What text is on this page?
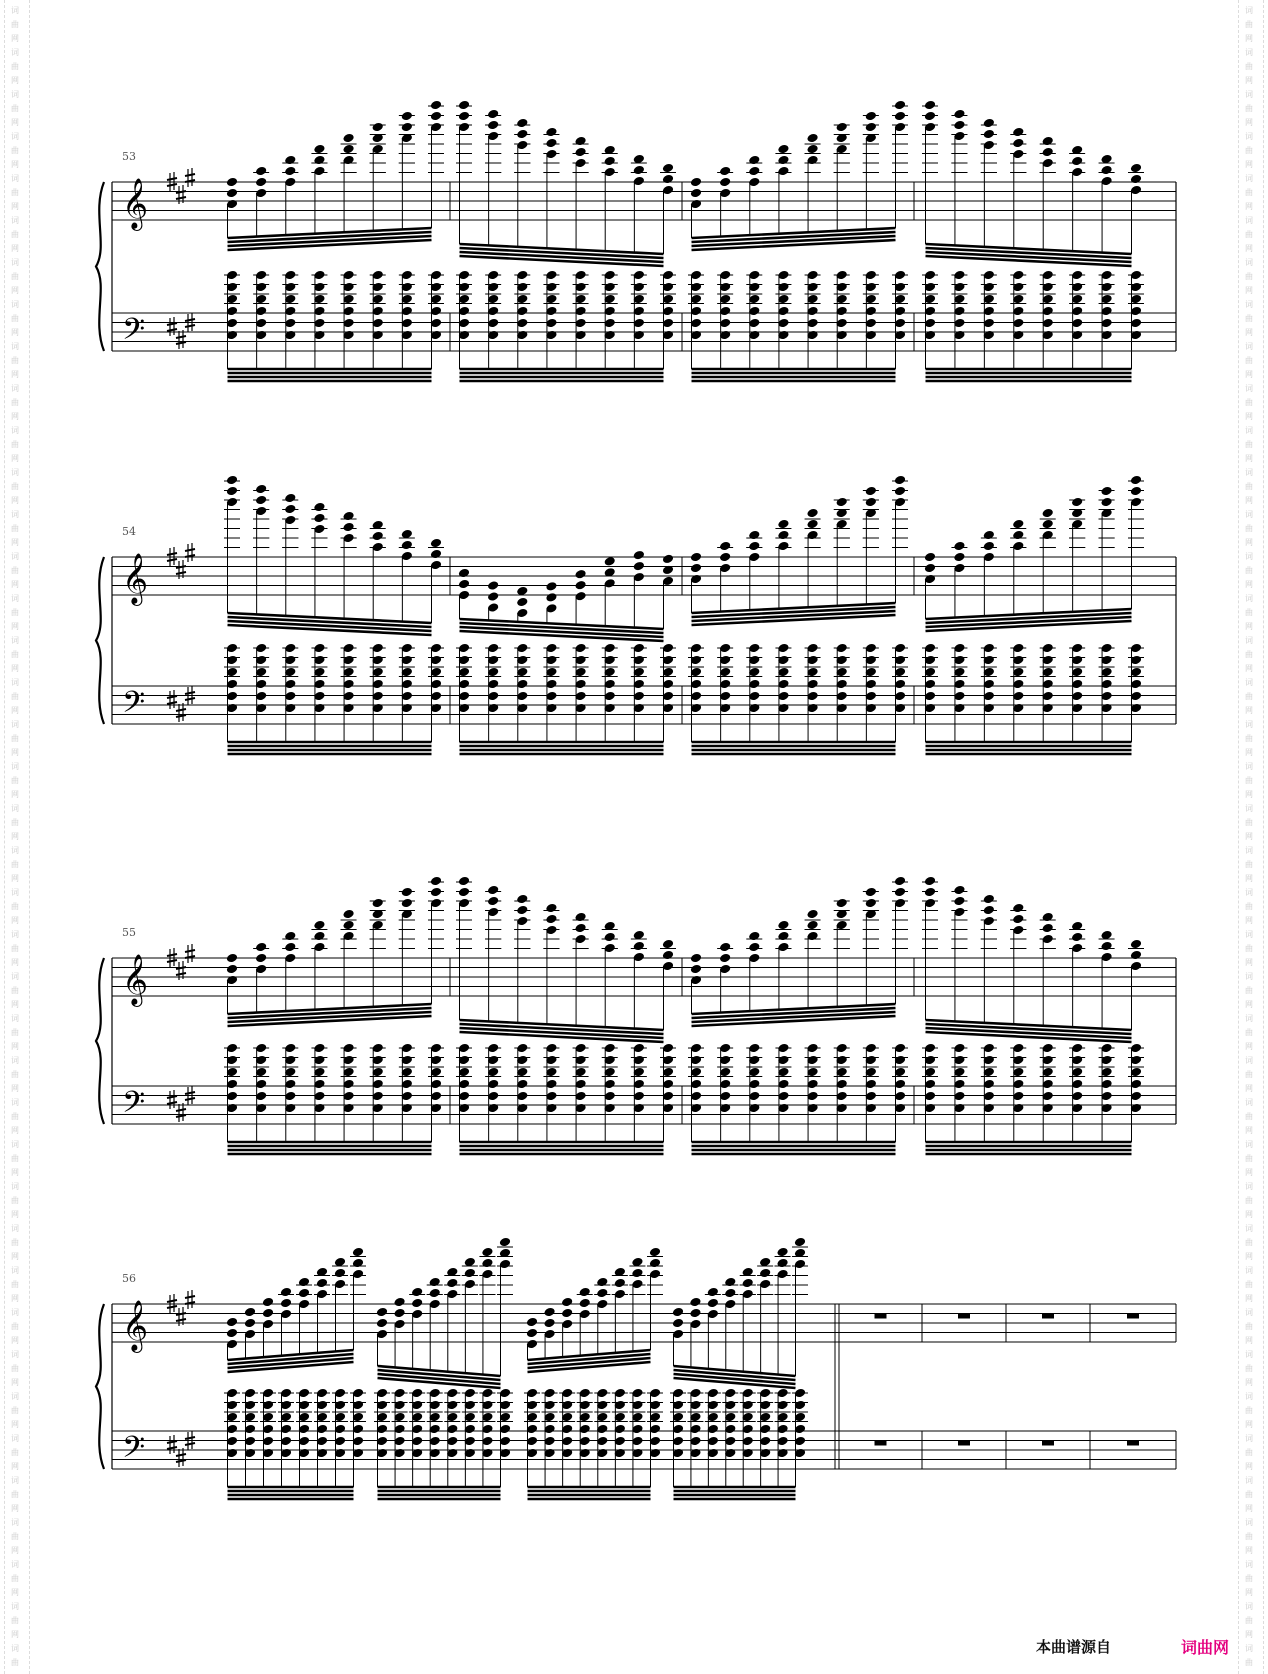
词
曲
网
词
曲
网
词
曲
网
词
曲
网
词
曲
网
词
曲
网
词
曲
网
词
曲
网
词
曲
网
词
曲
网
词
曲
网
词
曲
网
词
曲
网
词
曲
网
词
曲
网
词
曲
网
词
曲
网
词
曲
网
词
曲
网
词
曲
网
词
曲
网
词
曲
网
词
曲
网
词
曲
网
词
曲
网
词
曲
网
词
曲
网
词
曲
网
词
曲
网
词
曲
网
词
曲
网
词
曲
网
词
曲
网
词
曲
网
词
曲
网
词
曲
网
词
曲
网
词
曲
网
词
曲
网
词
曲
词
曲
网
词
曲
网
词
曲
网
词
曲
网
词
曲
网
词
曲
网
词
曲
网
词
曲
网
词
曲
网
词
曲
网
词
曲
网
词
曲
网
词
曲
网
词
曲
网
词
曲
网
词
曲
网
词
曲
网
词
曲
网
词
曲
网
词
曲
网
词
曲
网
词
曲
网
词
曲
网
词
曲
网
词
曲
网
词
曲
网
词
曲
网
词
曲
网
词
曲
网
词
曲
网
词
曲
网
词
曲
网
词
曲
网
词
曲
网
词
曲
网
词
曲
网
词
曲
网
词
曲
网
词
曲
网
词
曲
53
𝄞
𝄢
54
𝄞
𝄢
55
𝄞
𝄢
56
𝄞
𝄢
本曲谱源自	词曲网
